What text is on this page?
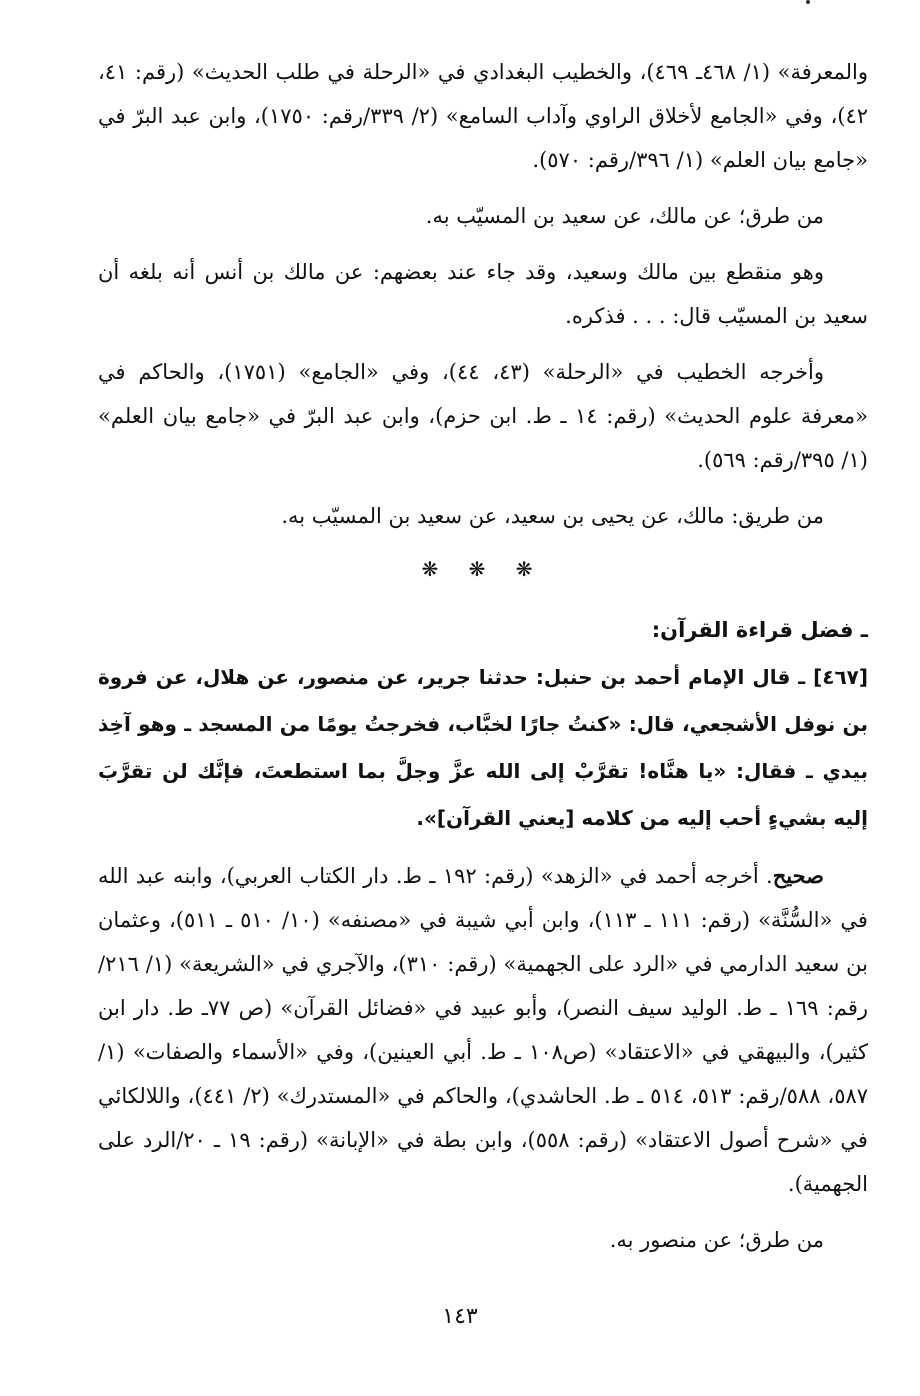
والمعرفة» (١/ ٤٦٨ـ ٤٦٩)، والخطيب البغدادي في «الرحلة في طلب الحديث» (رقم: ٤١، ٤٢)، وفي «الجامع لأخلاق الراوي وآداب السامع» (٢/ ٣٣٩/رقم: ١٧٥٠)، وابن عبد البرّ في «جامع بيان العلم» (١/ ٣٩٦/رقم: ٥٧٠).

من طرق؛ عن مالك، عن سعيد بن المسيّب به.

وهو منقطع بين مالك وسعيد، وقد جاء عند بعضهم: عن مالك بن أنس أنه بلغه أن سعيد بن المسيّب قال: . . . فذكره.

وأخرجه الخطيب في «الرحلة» (٤٣، ٤٤)، وفي «الجامع» (١٧٥١)، والحاكم في «معرفة علوم الحديث» (رقم: ١٤ ـ ط. ابن حزم)، وابن عبد البرّ في «جامع بيان العلم» (١/ ٣٩٥/رقم: ٥٦٩).

من طريق: مالك، عن يحيى بن سعيد، عن سعيد بن المسيّب به.

❋ ❋ ❋

ـ فضل قراءة القرآن:

[٤٦٧] ـ قال الإمام أحمد بن حنبل: حدثنا جرير، عن منصور، عن هلال، عن فروة بن نوفل الأشجعي، قال: «كنتُ جارًا لخبَّاب، فخرجتُ يومًا من المسجد ـ وهو آخِذ بيدي ـ فقال: «يا هنَّاه! تقرَّبْ إلى الله عزَّ وجلَّ بما استطعتَ، فإنَّك لن تقرَّبَ إليه بشيءٍ أحب إليه من كلامه [يعني القرآن]».

صحيح. أخرجه أحمد في «الزهد» (رقم: ١٩٢ ـ ط. دار الكتاب العربي)، وابنه عبد الله في «السُّنَّة» (رقم: ١١١ ـ ١١٣)، وابن أبي شيبة في «مصنفه» (١٠/ ٥١٠ ـ ٥١١)، وعثمان بن سعيد الدارمي في «الرد على الجهمية» (رقم: ٣١٠)، والآجري في «الشريعة» (١/ ٢١٦/رقم: ١٦٩ ـ ط. الوليد سيف النصر)، وأبو عبيد في «فضائل القرآن» (ص ٧٧ـ ط. دار ابن كثير)، والبيهقي في «الاعتقاد» (ص١٠٨ ـ ط. أبي العينين)، وفي «الأسماء والصفات» (١/ ٥٨٧، ٥٨٨/رقم: ٥١٣، ٥١٤ ـ ط. الحاشدي)، والحاكم في «المستدرك» (٢/ ٤٤١)، واللالكائي في «شرح أصول الاعتقاد» (رقم: ٥٥٨)، وابن بطة في «الإبانة» (رقم: ١٩ ـ ٢٠/الرد على الجهمية).

من طرق؛ عن منصور به.

١٤٣
